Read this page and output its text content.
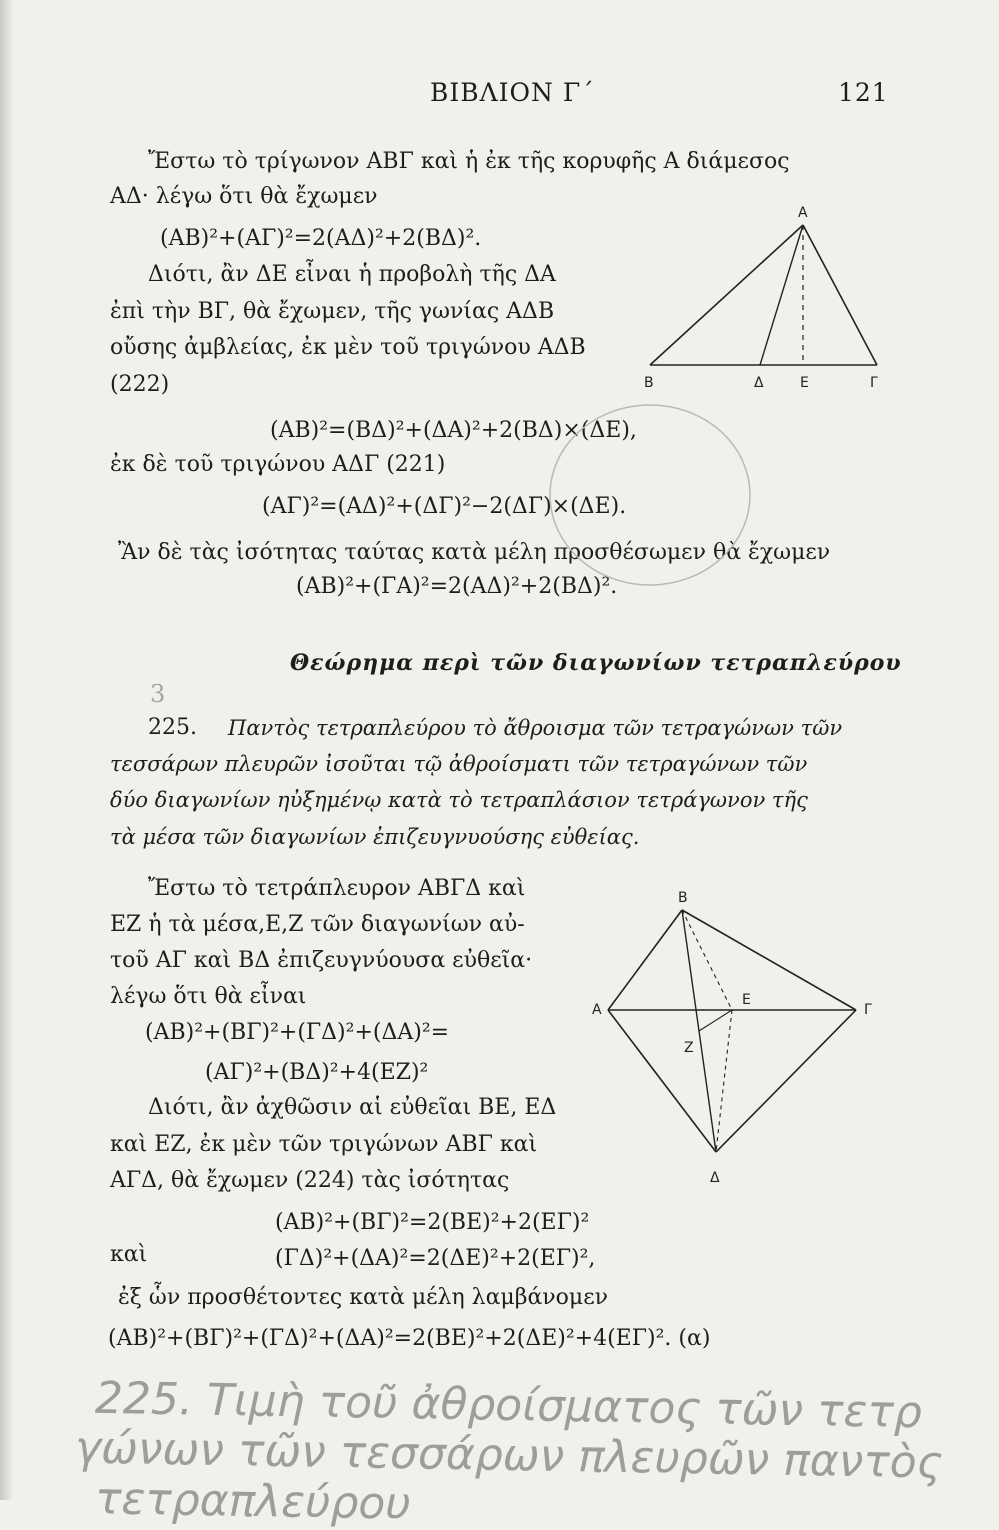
ΒΙΒΛΙΟΝ Γ΄	121
Ἔστω τὸ τρίγωνον ΑΒΓ καὶ ἡ ἐκ τῆς κορυφῆς Α διάμεσος
ΑΔ· λέγω ὅτι θὰ ἔχωμεν
(ΑΒ)²+(ΑΓ)²=2(ΑΔ)²+2(ΒΔ)².
Διότι, ἂν ΔΕ εἶναι ἡ προβολὴ τῆς ΔΑ
ἐπὶ τὴν ΒΓ, θὰ ἔχωμεν, τῆς γωνίας ΑΔΒ
οὔσης ἀμβλείας, ἐκ μὲν τοῦ τριγώνου ΑΔΒ
(222)
(ΑΒ)²=(ΒΔ)²+(ΔΑ)²+2(ΒΔ)×(ΔΕ),
ἐκ δὲ τοῦ τριγώνου ΑΔΓ (221)
(ΑΓ)²=(ΑΔ)²+(ΔΓ)²−2(ΔΓ)×(ΔΕ).
Ἂν δὲ τὰς ἰσότητας ταύτας κατὰ μέλη προσθέσωμεν θὰ ἔχωμεν
(ΑΒ)²+(ΓΑ)²=2(ΑΔ)²+2(ΒΔ)².
Α
Β	Δ	Ε	Γ
Θεώρημα περὶ τῶν διαγωνίων τετραπλεύρου
3
225. Παντὸς τετραπλεύρου τὸ ἄθροισμα τῶν τετραγώνων τῶν
τεσσάρων πλευρῶν ἰσοῦται τῷ ἀθροίσματι τῶν τετραγώνων τῶν
δύο διαγωνίων ηὐξημένῳ κατὰ τὸ τετραπλάσιον τετράγωνον τῆς
τὰ μέσα τῶν διαγωνίων ἐπιζευγνυούσης εὐθείας.
Ἔστω τὸ τετράπλευρον ΑΒΓΔ καὶ
ΕΖ ἡ τὰ μέσα,Ε,Ζ τῶν διαγωνίων αὐ-
τοῦ ΑΓ καὶ ΒΔ ἐπιζευγνύουσα εὐθεῖα·
λέγω ὅτι θὰ εἶναι
(ΑΒ)²+(ΒΓ)²+(ΓΔ)²+(ΔΑ)²=
(ΑΓ)²+(ΒΔ)²+4(ΕΖ)²
Διότι, ἂν ἀχθῶσιν αἱ εὐθεῖαι ΒΕ, ΕΔ
καὶ ΕΖ, ἐκ μὲν τῶν τριγώνων ΑΒΓ καὶ
ΑΓΔ, θὰ ἔχωμεν (224) τὰς ἰσότητας
(ΑΒ)²+(ΒΓ)²=2(ΒΕ)²+2(ΕΓ)²
καὶ	(ΓΔ)²+(ΔΑ)²=2(ΔΕ)²+2(ΕΓ)²,
ἐξ ὧν προσθέτοντες κατὰ μέλη λαμβάνομεν
(ΑΒ)²+(ΒΓ)²+(ΓΔ)²+(ΔΑ)²=2(ΒΕ)²+2(ΔΕ)²+4(ΕΓ)². (α)
Β
Α
Ε
Γ
Ζ
Δ
225. Τιμὴ τοῦ ἀθροίσματος τῶν τετρ
γώνων τῶν τεσσάρων πλευρῶν παντὸς
τετραπλεύρου
